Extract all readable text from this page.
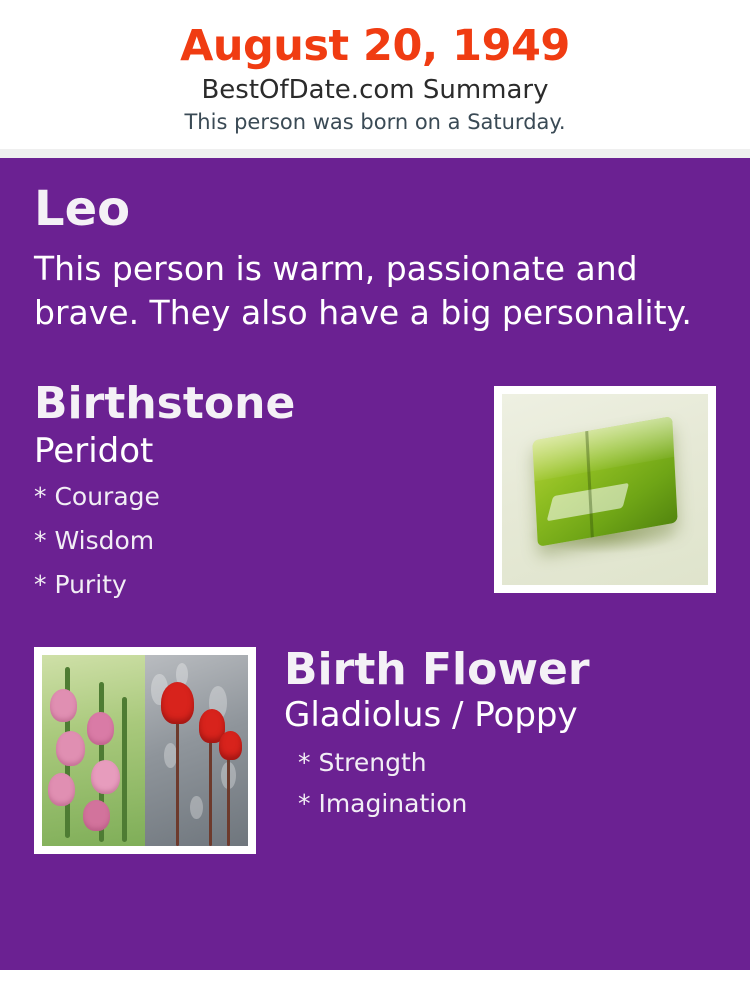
August 20, 1949
BestOfDate.com Summary
This person was born on a Saturday.
Leo
This person is warm, passionate and brave. They also have a big personality.
Birthstone
Peridot
* Courage
* Wisdom
* Purity
Birth Flower
Gladiolus / Poppy
* Strength
* Imagination
